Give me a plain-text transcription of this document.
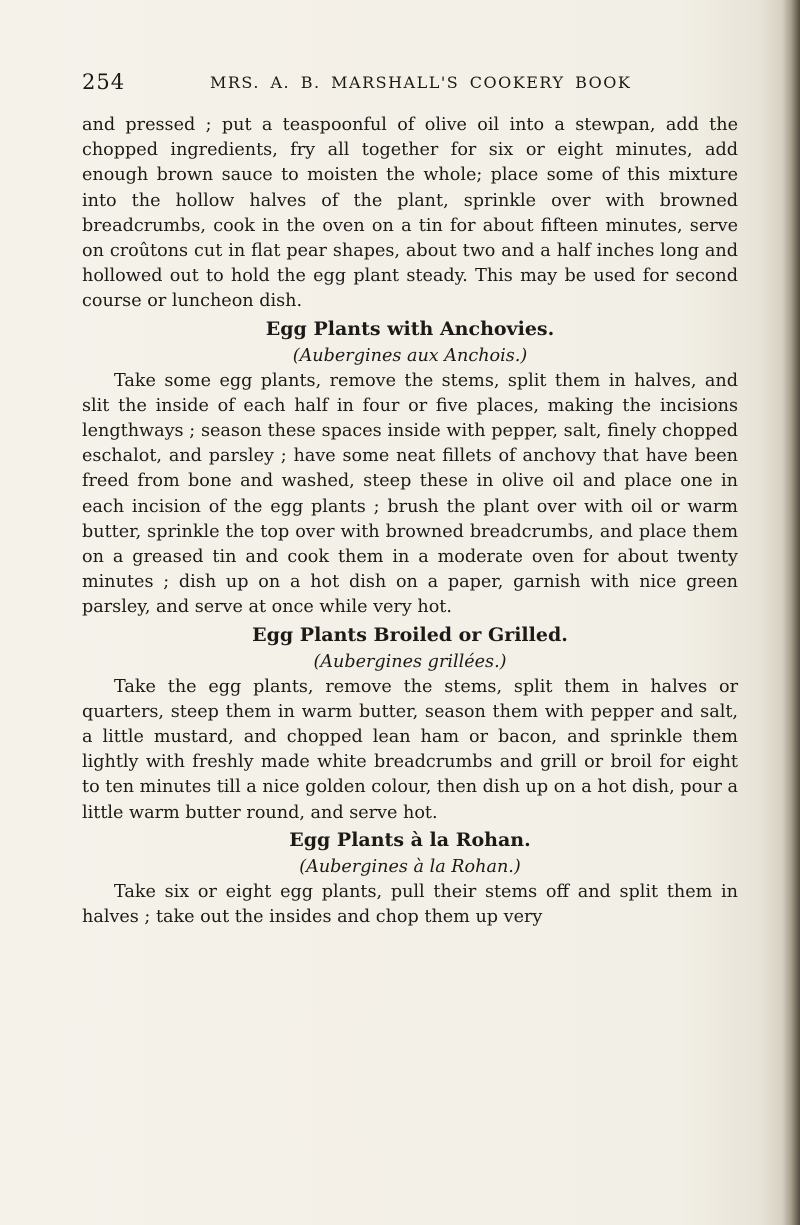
254	MRS. A. B. MARSHALL'S COOKERY BOOK

and pressed ; put a teaspoonful of olive oil into a stewpan, add the chopped ingredients, fry all together for six or eight minutes, add enough brown sauce to moisten the whole; place some of this mixture into the hollow halves of the plant, sprinkle over with browned breadcrumbs, cook in the oven on a tin for about fifteen minutes, serve on croûtons cut in flat pear shapes, about two and a half inches long and hollowed out to hold the egg plant steady. This may be used for second course or luncheon dish.

Egg Plants with Anchovies.

(Aubergines aux Anchois.)

Take some egg plants, remove the stems, split them in halves, and slit the inside of each half in four or five places, making the incisions lengthways ; season these spaces inside with pepper, salt, finely chopped eschalot, and parsley ; have some neat fillets of anchovy that have been freed from bone and washed, steep these in olive oil and place one in each incision of the egg plants ; brush the plant over with oil or warm butter, sprinkle the top over with browned breadcrumbs, and place them on a greased tin and cook them in a moderate oven for about twenty minutes ; dish up on a hot dish on a paper, garnish with nice green parsley, and serve at once while very hot.

Egg Plants Broiled or Grilled.

(Aubergines grillées.)

Take the egg plants, remove the stems, split them in halves or quarters, steep them in warm butter, season them with pepper and salt, a little mustard, and chopped lean ham or bacon, and sprinkle them lightly with freshly made white breadcrumbs and grill or broil for eight to ten minutes till a nice golden colour, then dish up on a hot dish, pour a little warm butter round, and serve hot.

Egg Plants à la Rohan.

(Aubergines à la Rohan.)

Take six or eight egg plants, pull their stems off and split them in halves ; take out the insides and chop them up very
